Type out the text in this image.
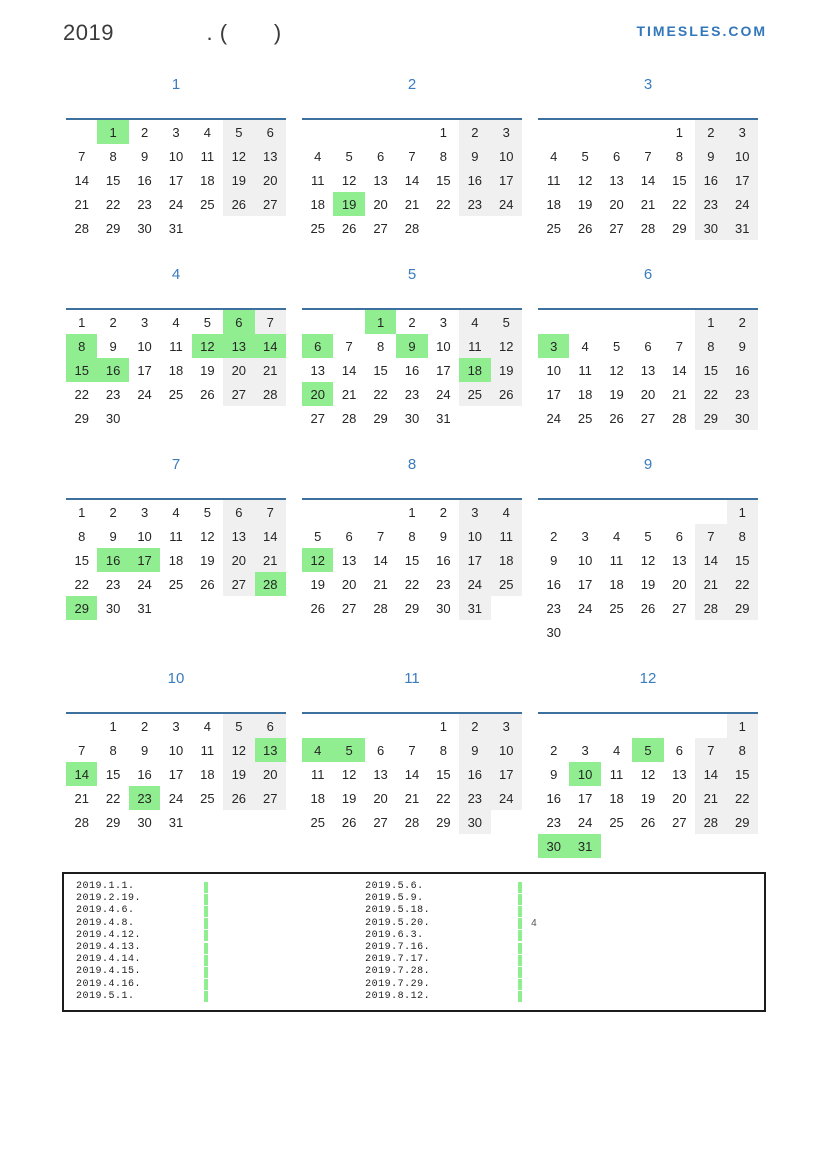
2019              . (       )	TIMESLES.COM
1
	1	2	3	4	5	6
7	8	9	10	11	12	13
14	15	16	17	18	19	20
21	22	23	24	25	26	27
28	29	30	31			
2
				1	2	3
4	5	6	7	8	9	10
11	12	13	14	15	16	17
18	19	20	21	22	23	24
25	26	27	28			
3
				1	2	3
4	5	6	7	8	9	10
11	12	13	14	15	16	17
18	19	20	21	22	23	24
25	26	27	28	29	30	31
4
1	2	3	4	5	6	7
8	9	10	11	12	13	14
15	16	17	18	19	20	21
22	23	24	25	26	27	28
29	30					
5
		1	2	3	4	5
6	7	8	9	10	11	12
13	14	15	16	17	18	19
20	21	22	23	24	25	26
27	28	29	30	31		
6
					1	2
3	4	5	6	7	8	9
10	11	12	13	14	15	16
17	18	19	20	21	22	23
24	25	26	27	28	29	30
7
1	2	3	4	5	6	7
8	9	10	11	12	13	14
15	16	17	18	19	20	21
22	23	24	25	26	27	28
29	30	31				
8
			1	2	3	4
5	6	7	8	9	10	11
12	13	14	15	16	17	18
19	20	21	22	23	24	25
26	27	28	29	30	31	
9
						1
2	3	4	5	6	7	8
9	10	11	12	13	14	15
16	17	18	19	20	21	22
23	24	25	26	27	28	29
30						
10
	1	2	3	4	5	6
7	8	9	10	11	12	13
14	15	16	17	18	19	20
21	22	23	24	25	26	27
28	29	30	31			
11
				1	2	3
4	5	6	7	8	9	10
11	12	13	14	15	16	17
18	19	20	21	22	23	24
25	26	27	28	29	30	
12
						1
2	3	4	5	6	7	8
9	10	11	12	13	14	15
16	17	18	19	20	21	22
23	24	25	26	27	28	29
30	31					
2019.1.1.
2019.2.19.
2019.4.6.
2019.4.8.
2019.4.12.
2019.4.13.
2019.4.14.
2019.4.15.
2019.4.16.
2019.5.1.
2019.5.6.
2019.5.9.
2019.5.18.
2019.5.20.	4
2019.6.3.
2019.7.16.
2019.7.17.
2019.7.28.
2019.7.29.
2019.8.12.
